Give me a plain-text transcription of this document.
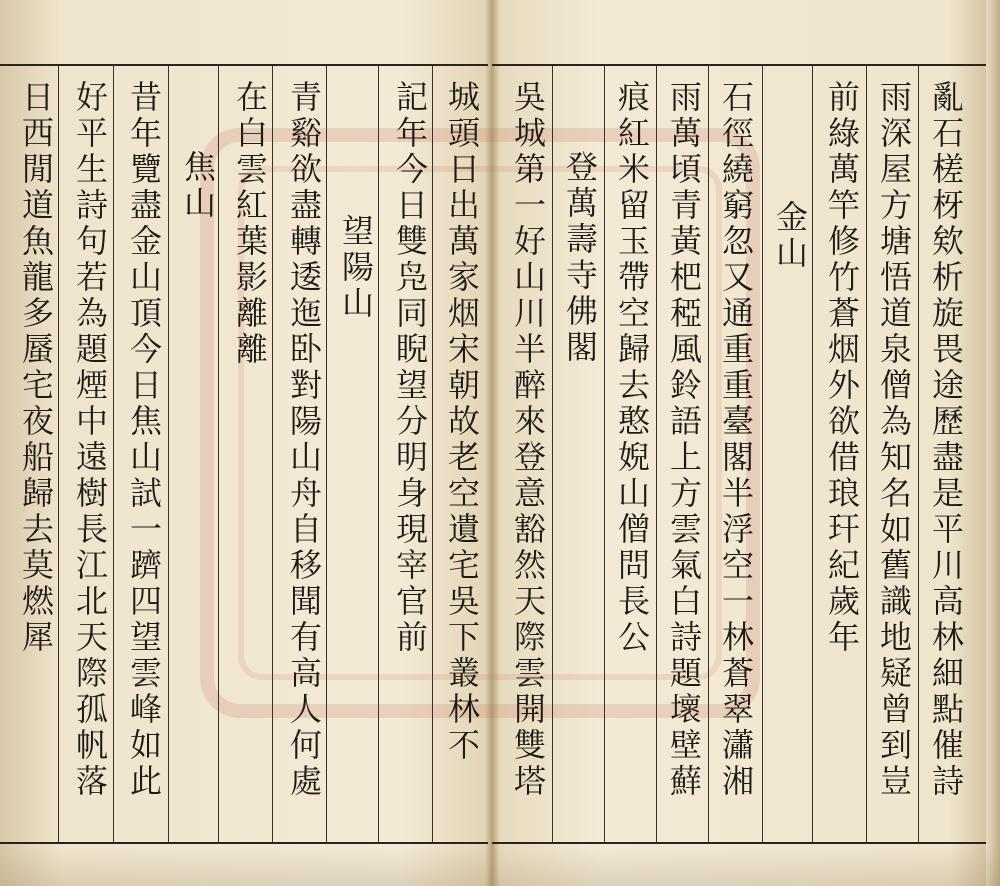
日西閒道魚龍多蜃宅夜船歸去莫燃犀 好平生詩句若為題煙中遠樹長江北天際孤帆落 昔年覽盡金山頂今日焦山試一躋四望雲峰如此 焦山 在白雲紅葉影離離 青谿欲盡轉逶迤卧對陽山舟自移聞有高人何處 望陽山 記年今日雙凫同睨望分明身現宰官前 城頭日出萬家烟宋朝故老空遺宅吳下叢林不 吳城第一好山川半醉來登意豁然天際雲開雙塔 登萬壽寺佛閣 痕紅米留玉帶空歸去憨婗山僧問長公 雨萬頃青黃杷稏風鈴語上方雲氣白詩題壞壁蘚 石徑繞窮忽又通重重臺閣半浮空一林蒼翠瀟湘 金山 前綠萬竿修竹蒼烟外欲借琅玕紀歲年 雨深屋方塘悟道泉僧為知名如舊識地疑曾到豈 亂石槎枒欸析旋畏途歷盡是平川高林細點催詩
